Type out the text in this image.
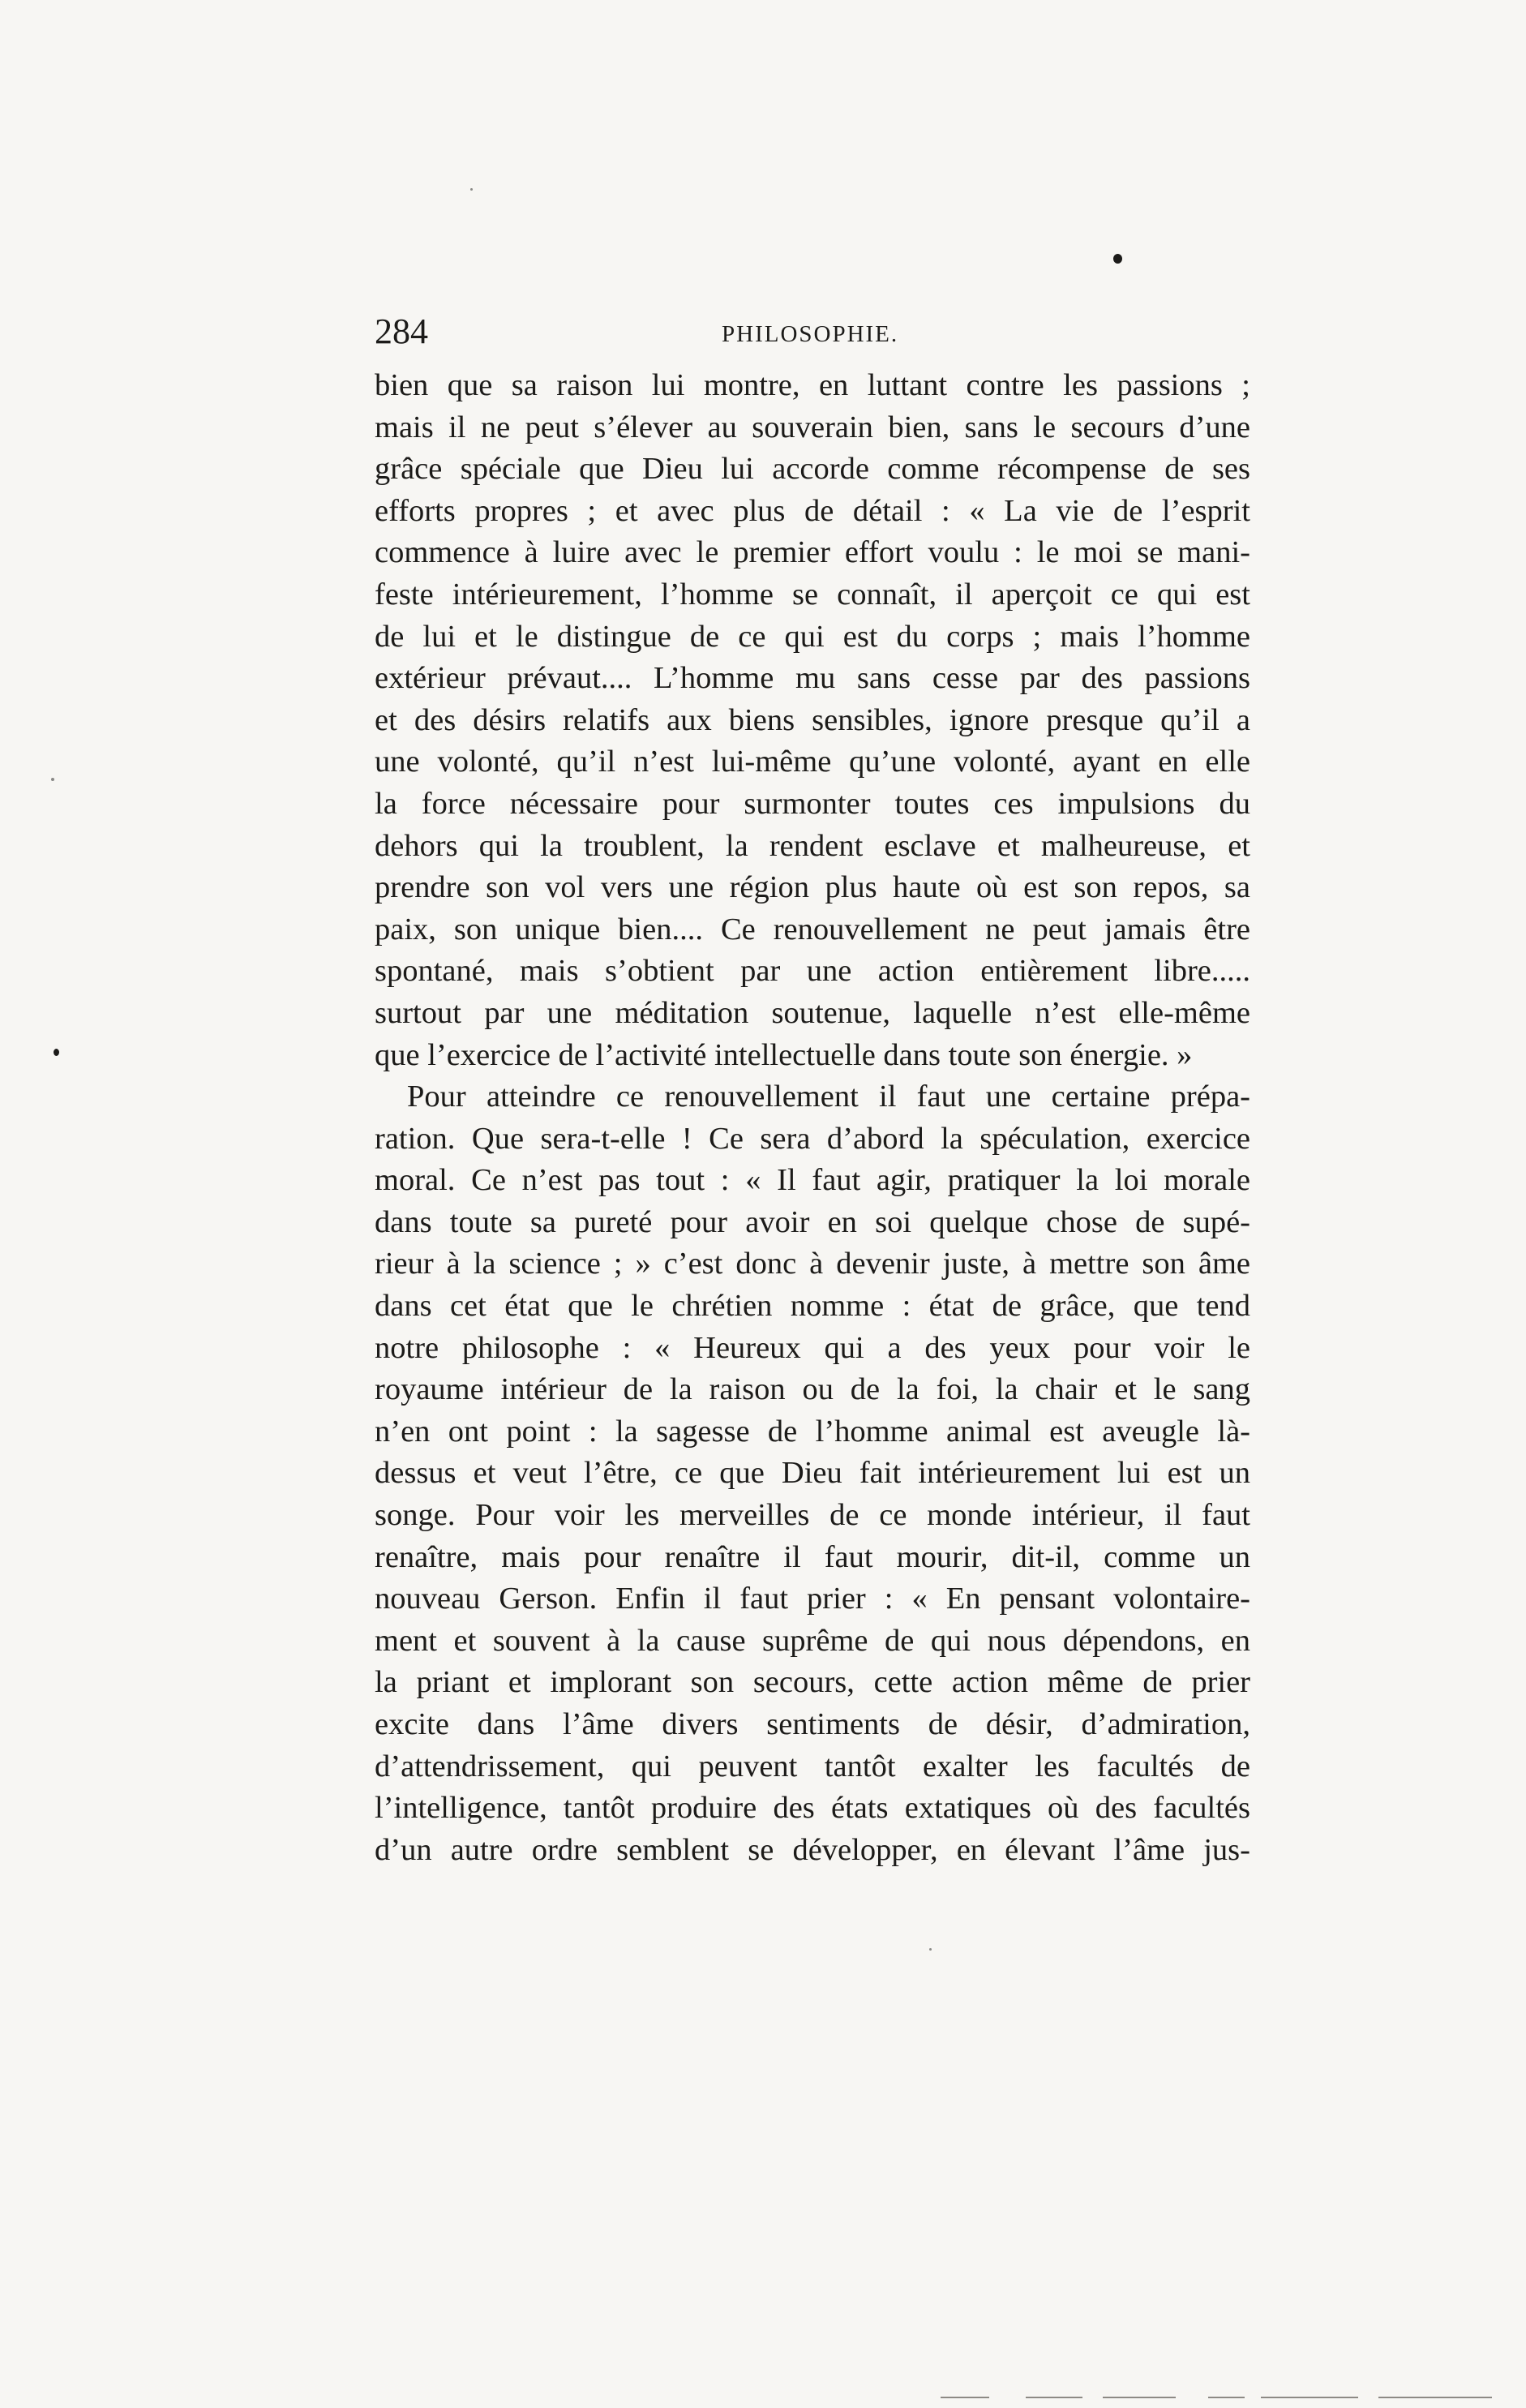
284	PHILOSOPHIE.
bien que sa raison lui montre, en luttant contre les passions ;
mais il ne peut s’élever au souverain bien, sans le secours d’une
grâce spéciale que Dieu lui accorde comme récompense de ses
efforts propres ; et avec plus de détail : « La vie de l’esprit
commence à luire avec le premier effort voulu : le moi se mani-
feste intérieurement, l’homme se connaît, il aperçoit ce qui est
de lui et le distingue de ce qui est du corps ; mais l’homme
extérieur prévaut.... L’homme mu sans cesse par des passions
et des désirs relatifs aux biens sensibles, ignore presque qu’il a
une volonté, qu’il n’est lui-même qu’une volonté, ayant en elle
la force nécessaire pour surmonter toutes ces impulsions du
dehors qui la troublent, la rendent esclave et malheureuse, et
prendre son vol vers une région plus haute où est son repos, sa
paix, son unique bien.... Ce renouvellement ne peut jamais être
spontané, mais s’obtient par une action entièrement libre.....
surtout par une méditation soutenue, laquelle n’est elle-même
que l’exercice de l’activité intellectuelle dans toute son énergie. »
Pour atteindre ce renouvellement il faut une certaine prépa-
ration. Que sera-t-elle ! Ce sera d’abord la spéculation, exercice
moral. Ce n’est pas tout : « Il faut agir, pratiquer la loi morale
dans toute sa pureté pour avoir en soi quelque chose de supé-
rieur à la science ; » c’est donc à devenir juste, à mettre son âme
dans cet état que le chrétien nomme : état de grâce, que tend
notre philosophe : « Heureux qui a des yeux pour voir le
royaume intérieur de la raison ou de la foi, la chair et le sang
n’en ont point : la sagesse de l’homme animal est aveugle là-
dessus et veut l’être, ce que Dieu fait intérieurement lui est un
songe. Pour voir les merveilles de ce monde intérieur, il faut
renaître, mais pour renaître il faut mourir, dit-il, comme un
nouveau Gerson. Enfin il faut prier : « En pensant volontaire-
ment et souvent à la cause suprême de qui nous dépendons, en
la priant et implorant son secours, cette action même de prier
excite dans l’âme divers sentiments de désir, d’admiration,
d’attendrissement, qui peuvent tantôt exalter les facultés de
l’intelligence, tantôt produire des états extatiques où des facultés
d’un autre ordre semblent se développer, en élevant l’âme jus-
